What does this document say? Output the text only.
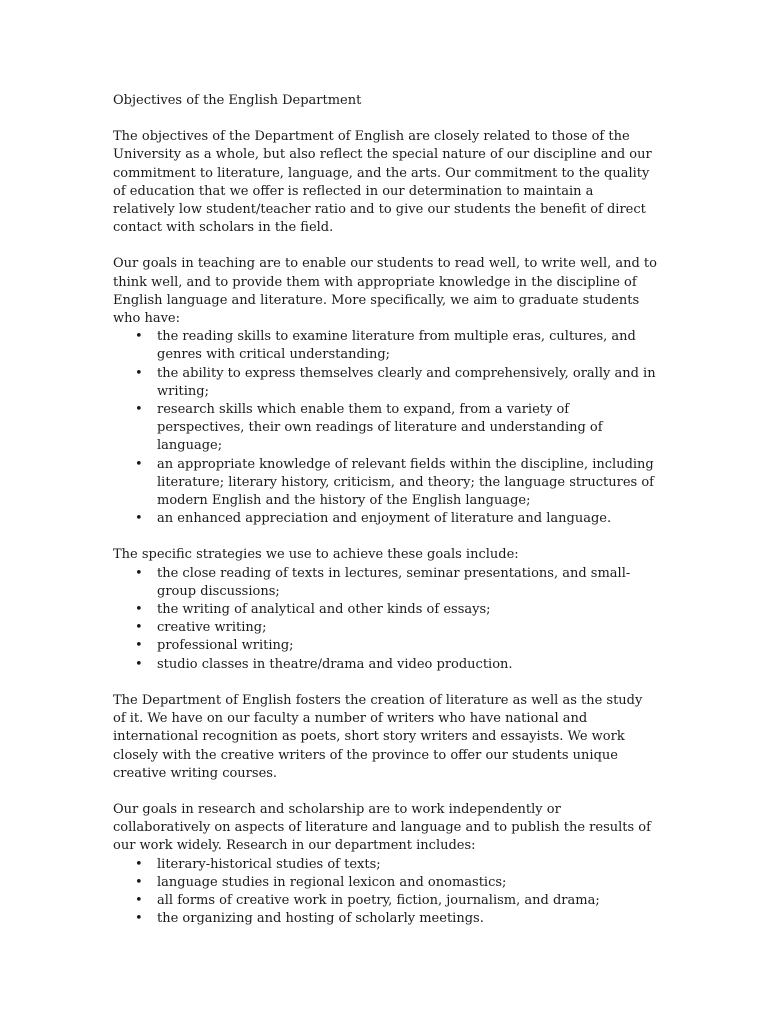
Objectives of the English Department

The objectives of the Department of English are closely related to those of the University as a whole, but also reflect the special nature of our discipline and our commitment to literature, language, and the arts. Our commitment to the quality of education that we offer is reflected in our determination to maintain a relatively low student/teacher ratio and to give our students the benefit of direct contact with scholars in the field.

Our goals in teaching are to enable our students to read well, to write well, and to think well, and to provide them with appropriate knowledge in the discipline of English language and literature. More specifically, we aim to graduate students who have:

• the reading skills to examine literature from multiple eras, cultures, and genres with critical understanding;
• the ability to express themselves clearly and comprehensively, orally and in writing;
• research skills which enable them to expand, from a variety of perspectives, their own readings of literature and understanding of language;
• an appropriate knowledge of relevant fields within the discipline, including literature; literary history, criticism, and theory; the language structures of modern English and the history of the English language;
• an enhanced appreciation and enjoyment of literature and language.

The specific strategies we use to achieve these goals include:

• the close reading of texts in lectures, seminar presentations, and small-group discussions;
• the writing of analytical and other kinds of essays;
• creative writing;
• professional writing;
• studio classes in theatre/drama and video production.

The Department of English fosters the creation of literature as well as the study of it. We have on our faculty a number of writers who have national and international recognition as poets, short story writers and essayists. We work closely with the creative writers of the province to offer our students unique creative writing courses.

Our goals in research and scholarship are to work independently or collaboratively on aspects of literature and language and to publish the results of our work widely. Research in our department includes:

• literary-historical studies of texts;
• language studies in regional lexicon and onomastics;
• all forms of creative work in poetry, fiction, journalism, and drama;
• the organizing and hosting of scholarly meetings.
